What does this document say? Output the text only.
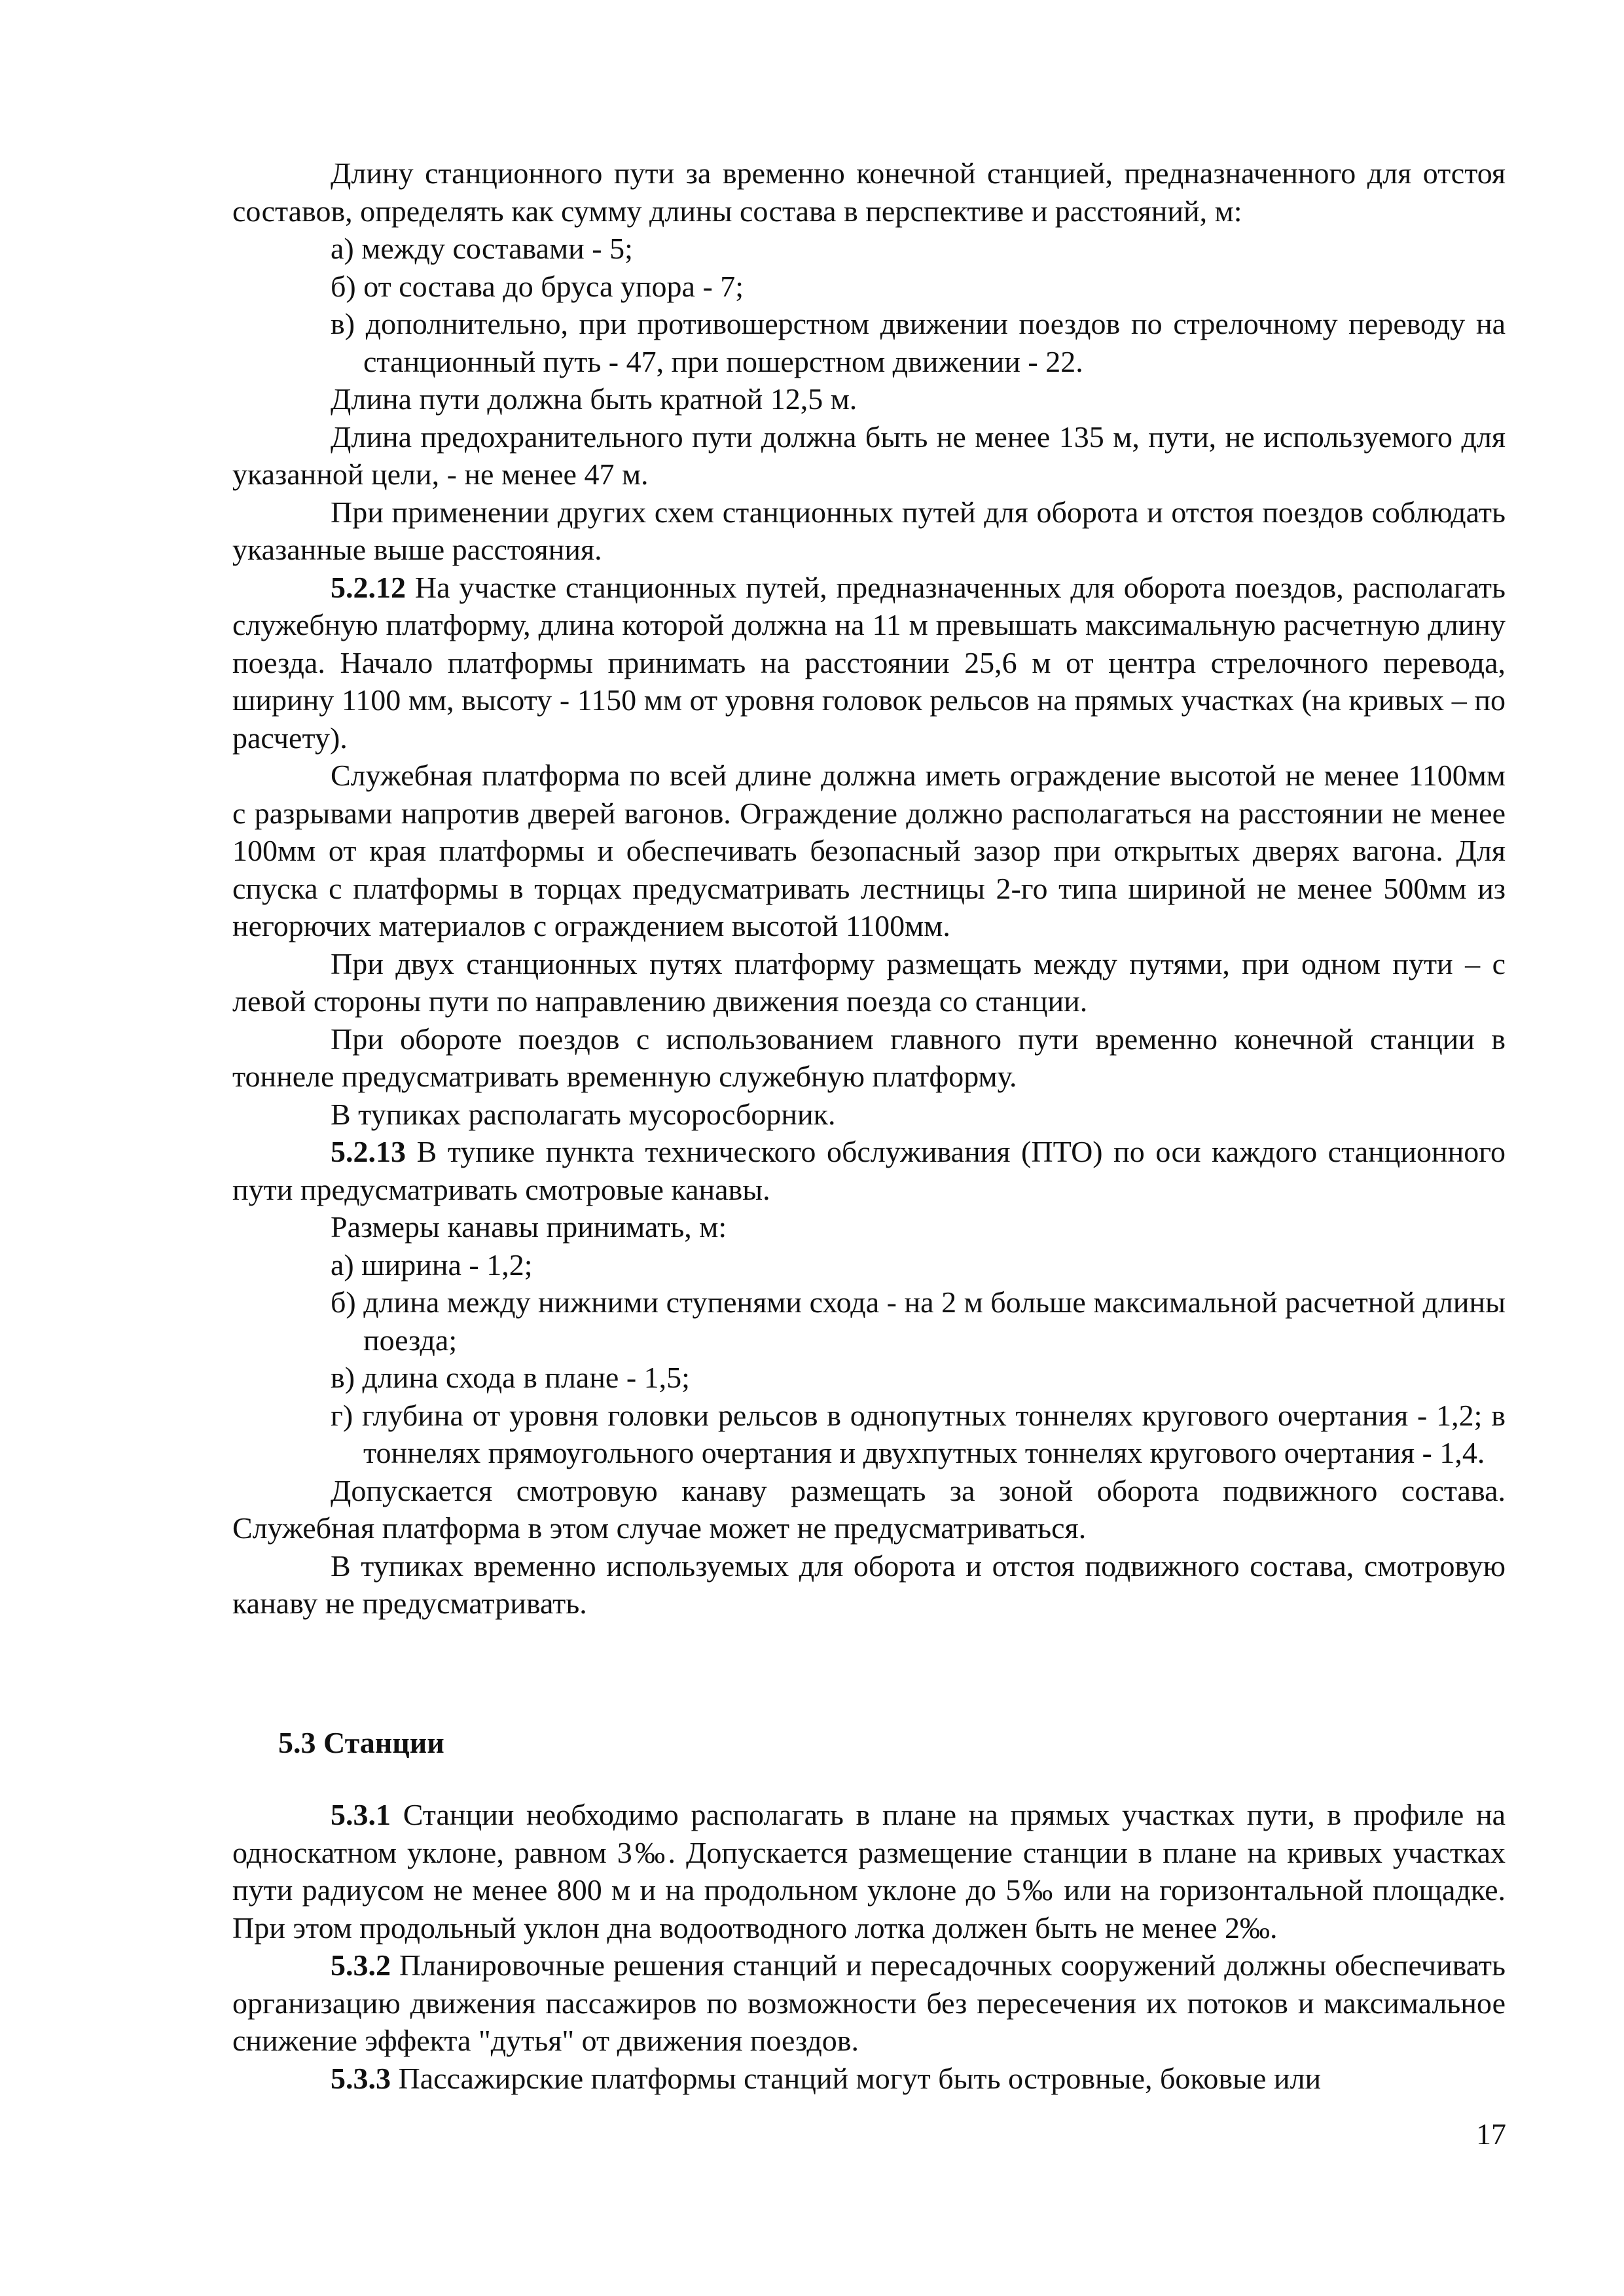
Длину станционного пути за временно конечной станцией, предназначенного для отстоя составов, определять как сумму длины состава в перспективе и расстояний, м:

а) между составами - 5;

б) от состава до бруса упора - 7;

в) дополнительно, при противошерстном движении поездов по стрелочному переводу на станционный путь - 47, при пошерстном движении - 22.

Длина пути должна быть кратной 12,5 м.

Длина предохранительного пути должна быть не менее 135 м, пути, не используемого для указанной цели, - не менее 47 м.

При применении других схем станционных путей для оборота и отстоя поездов соблюдать указанные выше расстояния.

5.2.12 На участке станционных путей, предназначенных для оборота поездов, располагать служебную платформу, длина которой должна на 11 м превышать максимальную расчетную длину поезда. Начало платформы принимать на расстоянии 25,6 м от центра стрелочного перевода, ширину 1100 мм, высоту - 1150 мм от уровня головок рельсов на прямых участках (на кривых – по расчету).

Служебная платформа по всей длине должна иметь ограждение высотой не менее 1100мм с разрывами напротив дверей вагонов. Ограждение должно располагаться на расстоянии не менее 100мм от края платформы и обеспечивать безопасный зазор при открытых дверях вагона. Для спуска с платформы в торцах предусматривать лестницы 2-го типа шириной не менее 500мм из негорючих материалов с ограждением высотой 1100мм.

При двух станционных путях платформу размещать между путями, при одном пути – с левой стороны пути по направлению движения поезда со станции.

При обороте поездов с использованием главного пути временно конечной станции в тоннеле предусматривать временную служебную платформу.

В тупиках располагать мусоросборник.

5.2.13 В тупике пункта технического обслуживания (ПТО) по оси каждого станционного пути предусматривать смотровые канавы.

Размеры канавы принимать, м:

а) ширина - 1,2;

б) длина между нижними ступенями схода - на 2 м больше максимальной расчетной длины поезда;

в) длина схода в плане - 1,5;

г) глубина от уровня головки рельсов в однопутных тоннелях кругового очертания - 1,2; в тоннелях прямоугольного очертания и двухпутных тоннелях кругового очертания - 1,4.

Допускается смотровую канаву размещать за зоной оборота подвижного состава. Служебная платформа в этом случае может не предусматриваться.

В тупиках временно используемых для оборота и отстоя подвижного состава, смотровую канаву не предусматривать.

5.3 Станции

5.3.1 Станции необходимо располагать в плане на прямых участках пути, в профиле на односкатном уклоне, равном 3‰. Допускается размещение станции в плане на кривых участках пути радиусом не менее 800 м и на продольном уклоне до 5‰ или на горизонтальной площадке. При этом продольный уклон дна водоотводного лотка должен быть не менее 2‰.

5.3.2 Планировочные решения станций и пересадочных сооружений должны обеспечивать организацию движения пассажиров по возможности без пересечения их потоков и максимальное снижение эффекта "дутья" от движения поездов.

5.3.3 Пассажирские платформы станций могут быть островные, боковые или

17
